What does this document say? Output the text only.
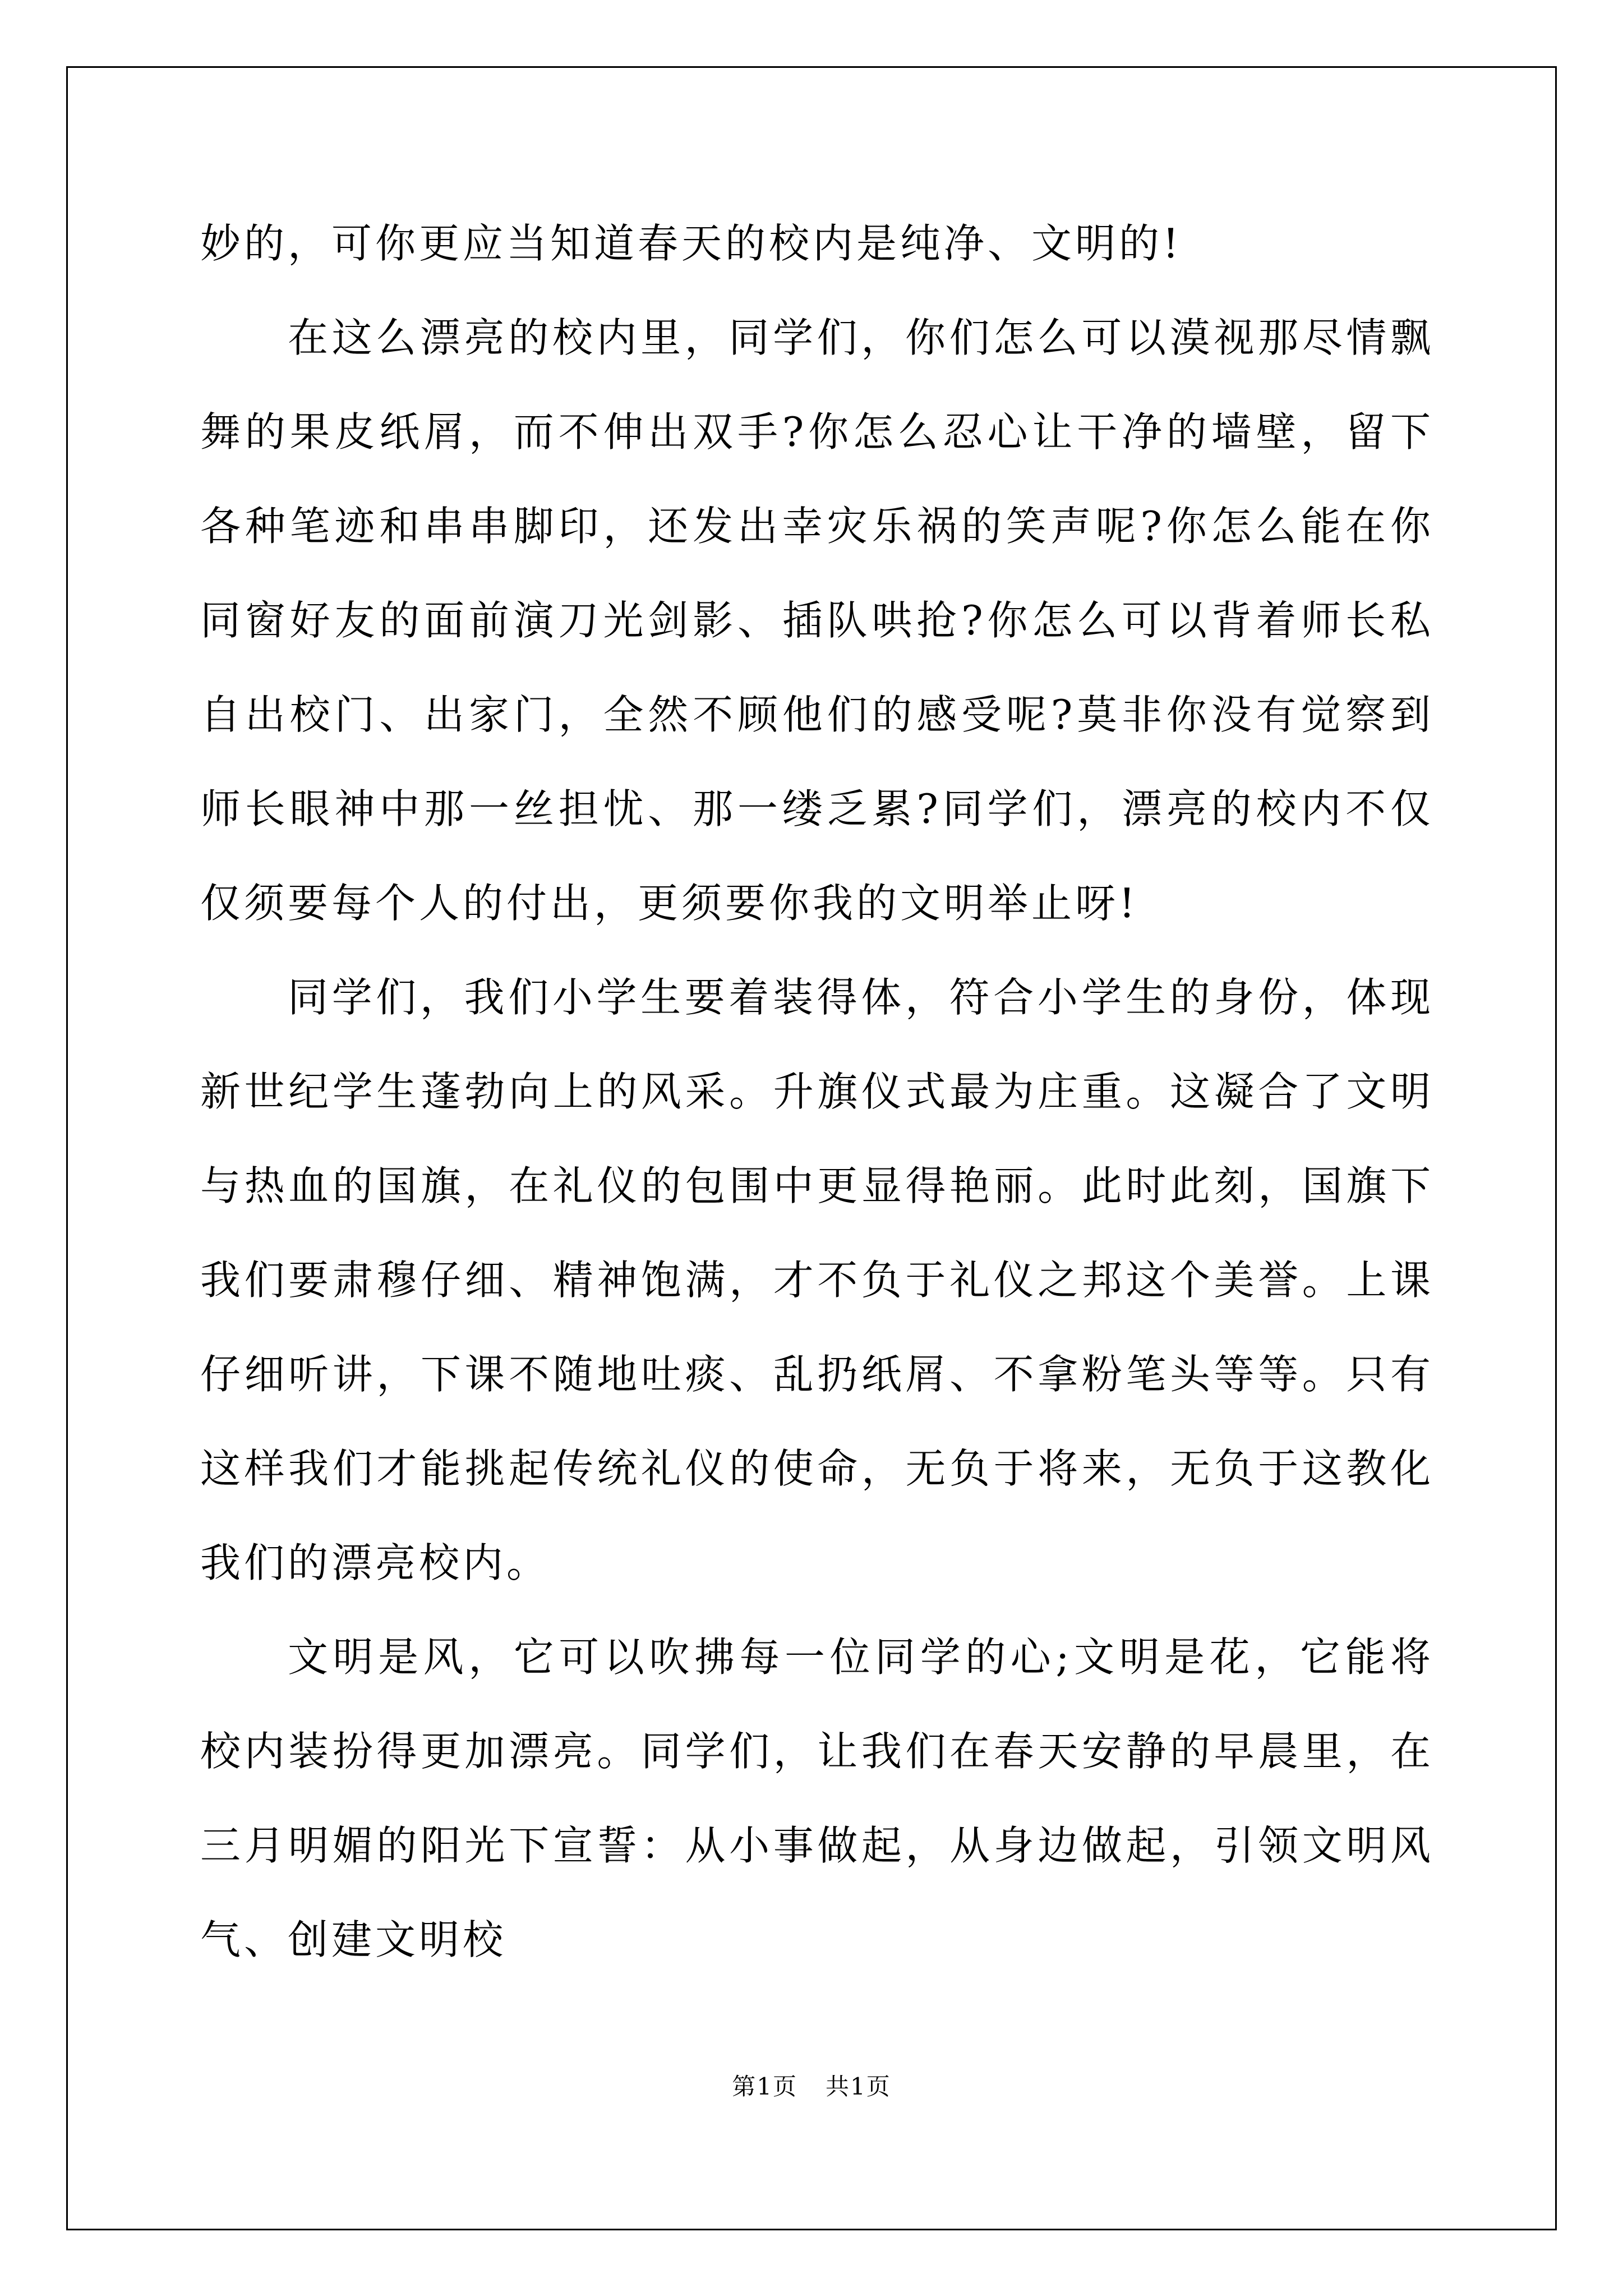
妙的，可你更应当知道春天的校内是纯净、文明的!

在这么漂亮的校内里，同学们，你们怎么可以漠视那尽情飘舞的果皮纸屑，而不伸出双手?你怎么忍心让干净的墙壁，留下各种笔迹和串串脚印，还发出幸灾乐祸的笑声呢?你怎么能在你同窗好友的面前演刀光剑影、插队哄抢?你怎么可以背着师长私自出校门、出家门，全然不顾他们的感受呢?莫非你没有觉察到师长眼神中那一丝担忧、那一缕乏累?同学们，漂亮的校内不仅仅须要每个人的付出，更须要你我的文明举止呀!

同学们，我们小学生要着装得体，符合小学生的身份，体现新世纪学生蓬勃向上的风采。升旗仪式最为庄重。这凝合了文明与热血的国旗，在礼仪的包围中更显得艳丽。此时此刻，国旗下我们要肃穆仔细、精神饱满，才不负于礼仪之邦这个美誉。上课仔细听讲，下课不随地吐痰、乱扔纸屑、不拿粉笔头等等。只有这样我们才能挑起传统礼仪的使命，无负于将来，无负于这教化我们的漂亮校内。

文明是风，它可以吹拂每一位同学的心;文明是花，它能将校内装扮得更加漂亮。同学们，让我们在春天安静的早晨里，在三月明媚的阳光下宣誓：从小事做起，从身边做起，引领文明风气、创建文明校

第1页 共1页
